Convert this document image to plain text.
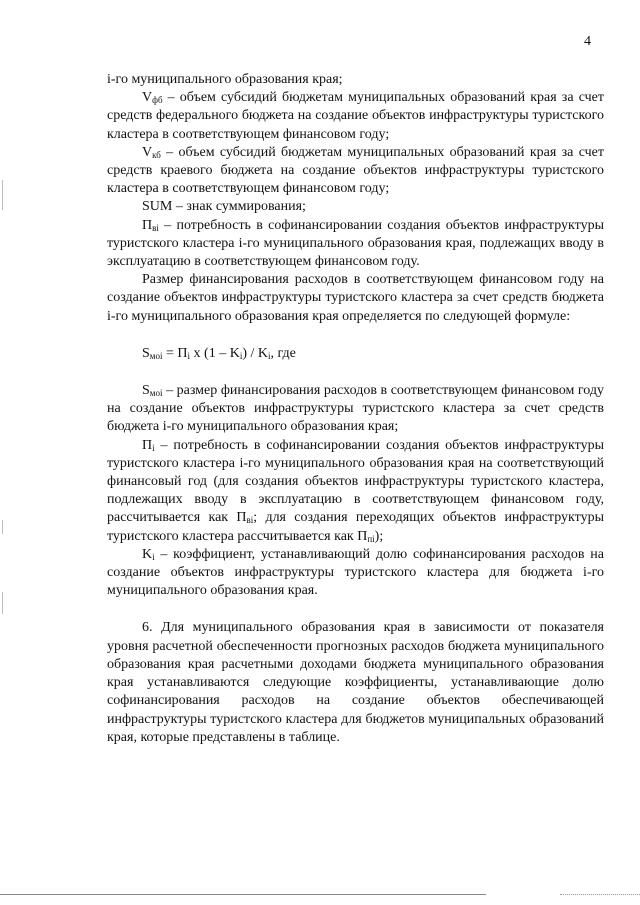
4

i-го муниципального образования края;

$V_{фб}$ – объем субсидий бюджетам муниципальных образований края за счет средств федерального бюджета на создание объектов инфраструктуры туристского кластера в соответствующем финансовом году;

$V_{кб}$ – объем субсидий бюджетам муниципальных образований края за счет средств краевого бюджета на создание объектов инфраструктуры туристского кластера в соответствующем финансовом году;

SUM – знак суммирования;

$П_{вi}$ – потребность в софинансировании создания объектов инфраструктуры туристского кластера i-го муниципального образования края, подлежащих вводу в эксплуатацию в соответствующем финансовом году.

Размер финансирования расходов в соответствующем финансовом году на создание объектов инфраструктуры туристского кластера за счет средств бюджета i-го муниципального образования края определяется по следующей формуле:

$S_{моi} = П_i$ х $(1 - K_i) / K_i$, где

$S_{моi}$ – размер финансирования расходов в соответствующем финансовом году на создание объектов инфраструктуры туристского кластера за счет средств бюджета i-го муниципального образования края;

$П_i$ – потребность в софинансировании создания объектов инфраструктуры туристского кластера i-го муниципального образования края на соответствующий финансовый год (для создания объектов инфраструктуры туристского кластера, подлежащих вводу в эксплуатацию в соответствующем финансовом году, рассчитывается как $П_{вi}$; для создания переходящих объектов инфраструктуры туристского кластера рассчитывается как $П_{пi}$);

$K_i$ – коэффициент, устанавливающий долю софинансирования расходов на создание объектов инфраструктуры туристского кластера для бюджета i-го муниципального образования края.

6. Для муниципального образования края в зависимости от показателя уровня расчетной обеспеченности прогнозных расходов бюджета муниципального образования края расчетными доходами бюджета муниципального образования края устанавливаются следующие коэффициенты, устанавливающие долю софинансирования расходов на создание объектов обеспечивающей инфраструктуры туристского кластера для бюджетов муниципальных образований края, которые представлены в таблице.
